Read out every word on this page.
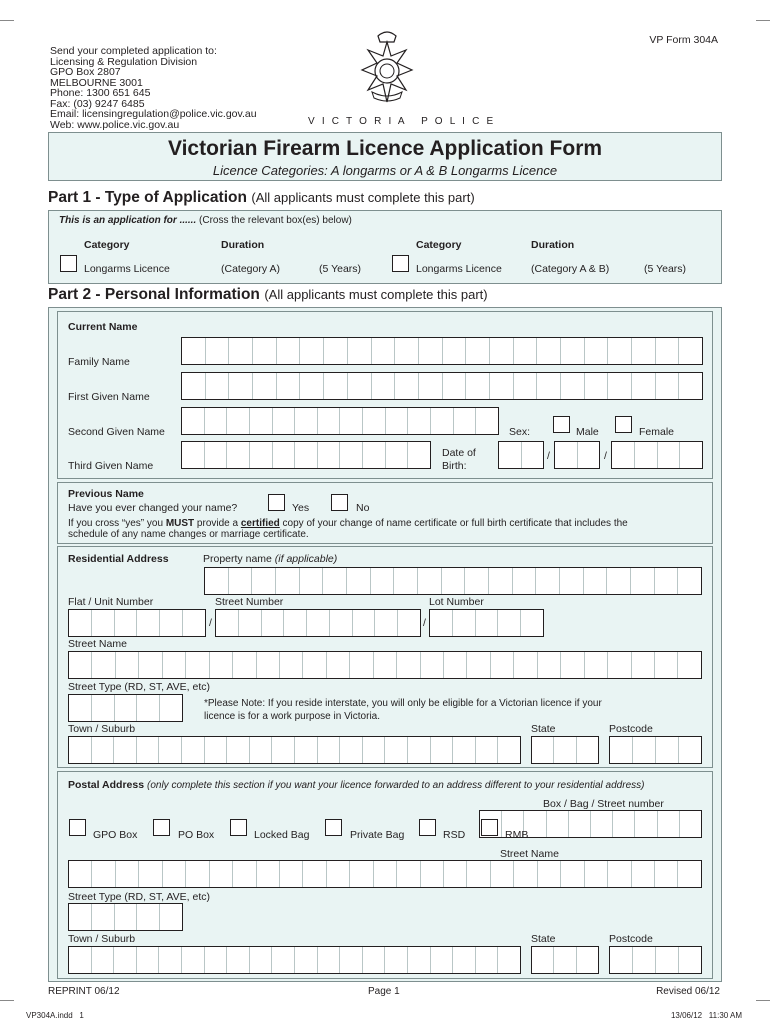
VP Form 304A
Send your completed application to:
Licensing & Regulation Division
GPO Box 2807
MELBOURNE 3001
Phone: 1300 651 645
Fax: (03) 9247 6485
Email: licensingregulation@police.vic.gov.au
Web: www.police.vic.gov.au	V I C T O R I A   P O L I C E
Victorian Firearm Licence Application Form
Licence Categories: A longarms or A & B Longarms Licence
Part 1 - Type of Application (All applicants must complete this part)
This is an application for ...... (Cross the relevant box(es) below)
Category	Duration	Category	Duration
Longarms Licence	(Category A)	(5 Years)	Longarms Licence	(Category A & B)	(5 Years)
Part 2 - Personal Information (All applicants must complete this part)
Current Name
Family Name
First Given Name
Second Given Name	Sex:	Male	Female
Third Given Name
Date of
Birth:
/	/
Previous Name
Have you ever changed your name?	Yes	No
If you cross “yes” you MUST provide a certified copy of your change of name certificate or full birth certificate that includes the
schedule of any name changes or marriage certificate.
Residential Address	Property name (if applicable)
Flat / Unit Number	Street Number	Lot Number
/	/
Street Name
Street Type (RD, ST, AVE, etc)
*Please Note: If you reside interstate, you will only be eligible for a Victorian licence if your
licence is for a work purpose in Victoria.
Town / Suburb	State	Postcode
Postal Address (only complete this section if you want your licence forwarded to an address different to your residential address)
Box / Bag / Street number
GPO Box	PO Box	Locked Bag	Private Bag	RSD	RMB
Street Name
Street Type (RD, ST, AVE, etc)
Town / Suburb	State	Postcode
REPRINT 06/12	Page 1	Revised 06/12
VP304A.indd   1	13/06/12   11:30 AM
